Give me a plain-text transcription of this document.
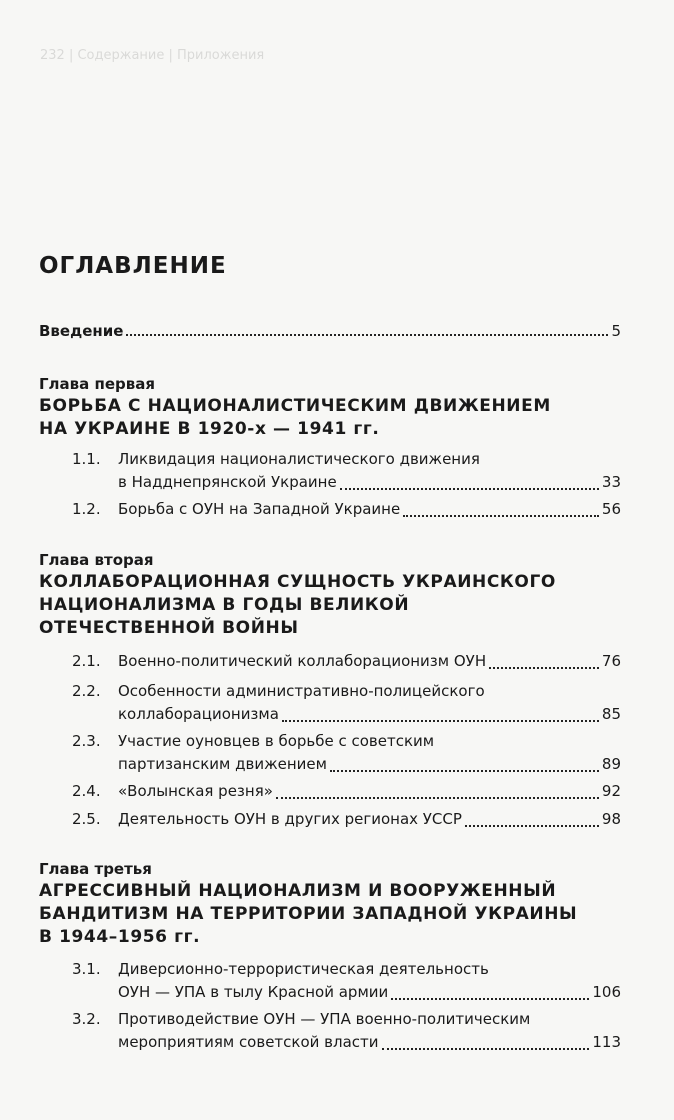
232 | Содержание | Приложения
ОГЛАВЛЕНИЕ
Введение	5
Глава первая
БОРЬБА С НАЦИОНАЛИСТИЧЕСКИМ ДВИЖЕНИЕМ
НА УКРАИНЕ В 1920-х — 1941 гг.
1.1. Ликвидация националистического движения
в Надднепрянской Украине	33
1.2. Борьба с ОУН на Западной Украине	56
Глава вторая
КОЛЛАБОРАЦИОННАЯ СУЩНОСТЬ УКРАИНСКОГО
НАЦИОНАЛИЗМА В ГОДЫ ВЕЛИКОЙ
ОТЕЧЕСТВЕННОЙ ВОЙНЫ
2.1. Военно-политический коллаборационизм ОУН	76
2.2. Особенности административно-полицейского
коллаборационизма	85
2.3. Участие оуновцев в борьбе с советским
партизанским движением	89
2.4. «Волынская резня»	92
2.5. Деятельность ОУН в других регионах УССР	98
Глава третья
АГРЕССИВНЫЙ НАЦИОНАЛИЗМ И ВООРУЖЕННЫЙ
БАНДИТИЗМ НА ТЕРРИТОРИИ ЗАПАДНОЙ УКРАИНЫ
В 1944–1956 гг.
3.1. Диверсионно-террористическая деятельность
ОУН — УПА в тылу Красной армии	106
3.2. Противодействие ОУН — УПА военно-политическим
мероприятиям советской власти	113
